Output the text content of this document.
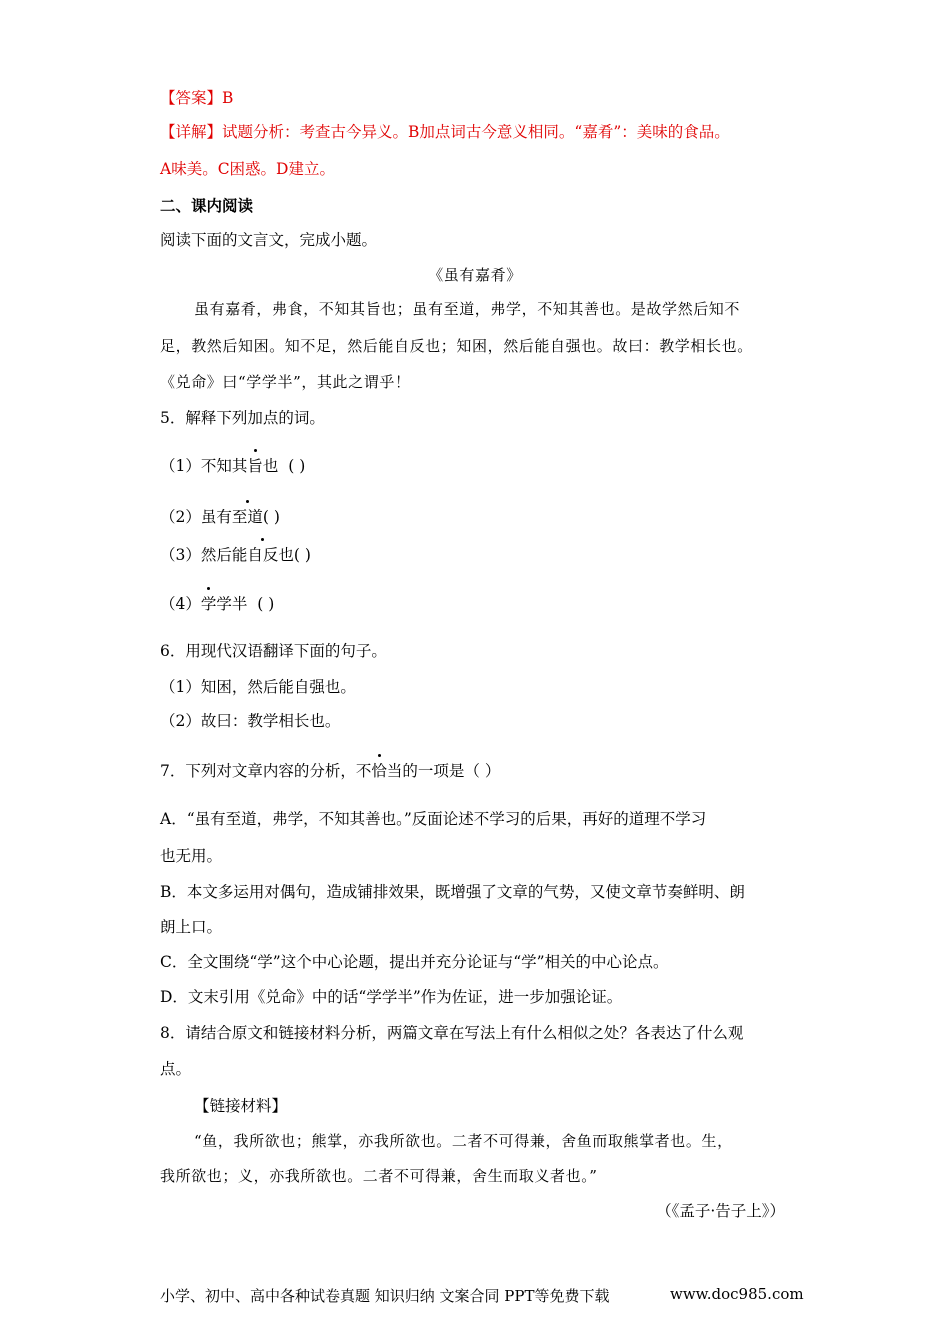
【答案】B
【详解】试题分析：考查古今异义。B加点词古今意义相同。“嘉肴”：美味的食品。
A味美。C困惑。D建立。
二、课内阅读
阅读下面的文言文，完成小题。
《虽有嘉肴》
虽有嘉肴，弗食，不知其旨也；虽有至道，弗学，不知其善也。是故学然后知不
足，教然后知困。知不足，然后能自反也；知困，然后能自强也。故曰：教学相长也。
《兑命》曰“学学半”，其此之谓乎！
5．解释下列加点的词。
（1）不知其旨也 ( )
（2）虽有至道( )
（3）然后能自反也( )
（4）学学半 ( )
6．用现代汉语翻译下面的句子。
（1）知困，然后能自强也。
（2）故曰：教学相长也。
7．下列对文章内容的分析，不恰当的一项是（ ）
A．“虽有至道，弗学，不知其善也。”反面论述不学习的后果，再好的道理不学习
也无用。
B．本文多运用对偶句，造成铺排效果，既增强了文章的气势，又使文章节奏鲜明、朗
朗上口。
C．全文围绕“学”这个中心论题，提出并充分论证与“学”相关的中心论点。
D．文末引用《兑命》中的话“学学半”作为佐证，进一步加强论证。
8．请结合原文和链接材料分析，两篇文章在写法上有什么相似之处？各表达了什么观
点。
【链接材料】
“鱼，我所欲也；熊掌，亦我所欲也。二者不可得兼，舍鱼而取熊掌者也。生，
我所欲也；义，亦我所欲也。二者不可得兼，舍生而取义者也。”
（《孟子·告子上》）
小学、初中、高中各种试卷真题 知识归纳 文案合同 PPT等免费下载	www.doc985.com
